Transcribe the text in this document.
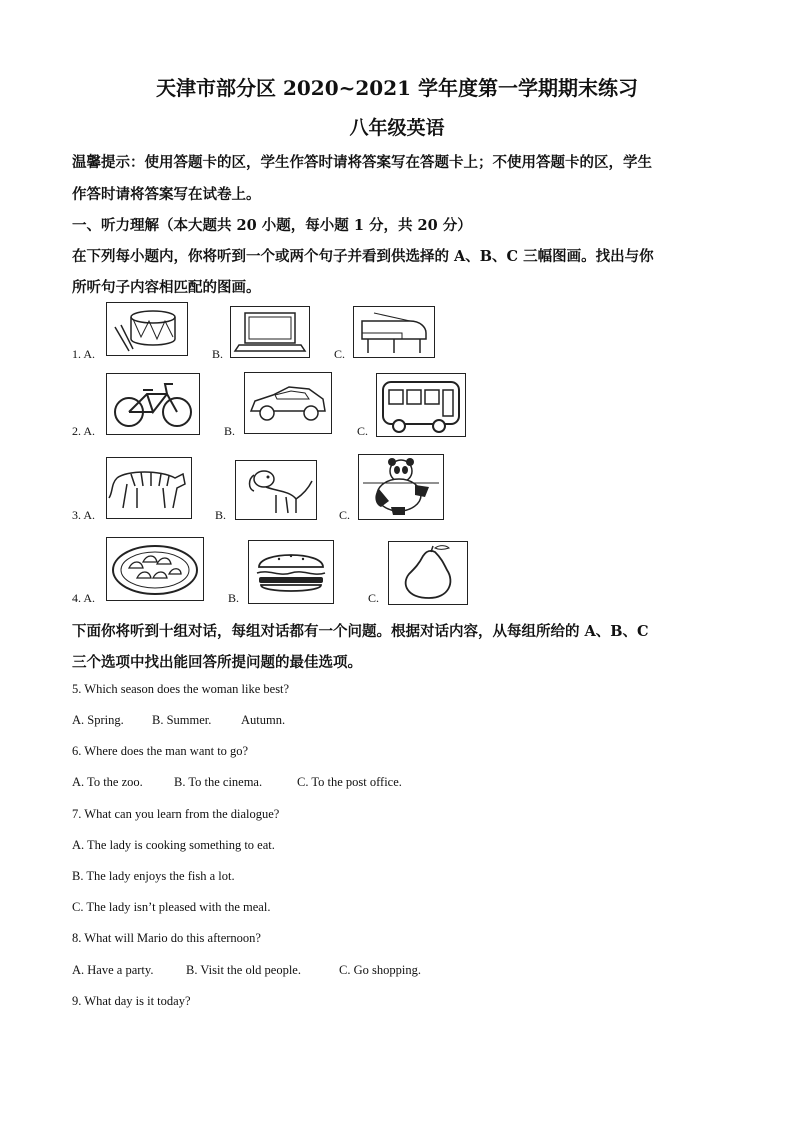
天津市部分区 2020~2021 学年度第一学期期末练习
八年级英语
温馨提示：使用答题卡的区，学生作答时请将答案写在答题卡上；不使用答题卡的区，学生
作答时请将答案写在试卷上。
一、听力理解（本大题共 20 小题，每小题 1 分，共 20 分）
在下列每小题内，你将听到一个或两个句子并看到供选择的 A、B、C 三幅图画。找出与你
所听句子内容相匹配的图画。
1. A.	B.	C.
2. A.	B.	C.
3. A.	B.	C.
4. A.	B.	C.
下面你将听到十组对话，每组对话都有一个问题。根据对话内容，从每组所给的 A、B、C
三个选项中找出能回答所提问题的最佳选项。
5. Which season does the woman like best?
A. Spring. B. Summer. Autumn.
6. Where does the man want to go?
A. To the zoo. B. To the cinema.	C. To the post office.
7. What can you learn from the dialogue?
A. The lady is cooking something to eat.
B. The lady enjoys the fish a lot.
C. The lady isn’t pleased with the meal.
8. What will Mario do this afternoon?
A. Have a party.	B. Visit the old people.	C. Go shopping.
9. What day is it today?
